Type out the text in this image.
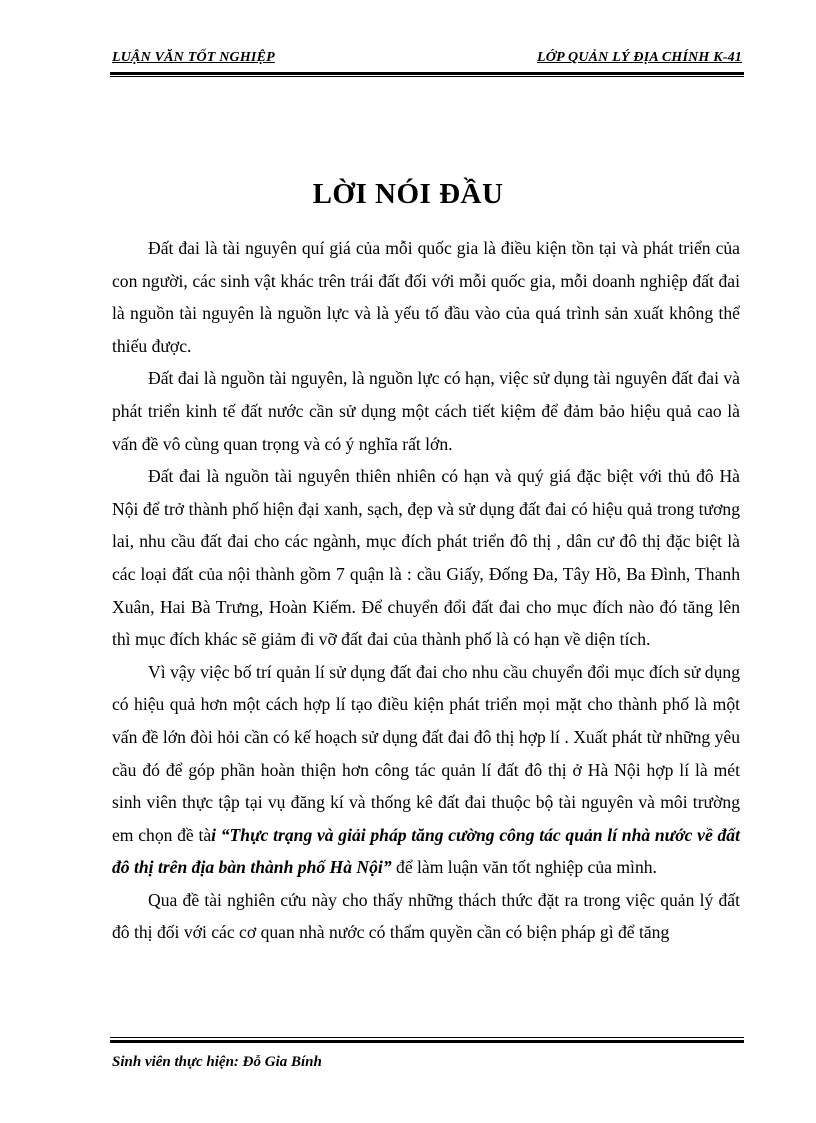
LUẬN VĂN TỐT NGHIỆP	LỚP QUẢN LÝ ĐỊA CHÍNH K-41
LỜI NÓI ĐẦU

Đất đai là tài nguyên quí giá của mỗi quốc gia là điều kiện tồn tại và phát triển của con người, các sinh vật khác trên trái đất đối với mỗi quốc gia, mỗi doanh nghiệp đất đai là nguồn tài nguyên là nguồn lực và là yếu tố đầu vào của quá trình sản xuất không thể thiếu được.

Đất đai là nguồn tài nguyên, là nguồn lực có hạn, việc sử dụng tài nguyên đất đai và phát triển kinh tế đất nước cần sử dụng một cách tiết kiệm để đảm bảo hiệu quả cao là vấn đề vô cùng quan trọng và có ý nghĩa rất lớn.

Đất đai là nguồn tài nguyên thiên nhiên có hạn và quý giá đặc biệt với thủ đô Hà Nội để trở thành phố hiện đại xanh, sạch, đẹp và sử dụng đất đai có hiệu quả trong tương lai, nhu cầu đất đai cho các ngành, mục đích phát triển đô thị , dân cư đô thị đặc biệt là các loại đất của nội thành gồm 7 quận là : cầu Giấy, Đống Đa, Tây Hồ, Ba Đình, Thanh Xuân, Hai Bà Trưng, Hoàn Kiếm. Để chuyển đổi đất đai cho mục đích nào đó tăng lên thì mục đích khác sẽ giảm đi vỡ đất đai của thành phố là có hạn về diện tích.

Vì vậy việc bố trí quản lí sử dụng đất đai cho nhu cầu chuyển đổi mục đích sử dụng có hiệu quả hơn một cách hợp lí tạo điều kiện phát triển mọi mặt cho thành phố là một vấn đề lớn đòi hỏi cần có kế hoạch sử dụng đất đai đô thị hợp lí . Xuất phát từ những yêu cầu đó để góp phần hoàn thiện hơn công tác quản lí đất đô thị ở Hà Nội hợp lí là mét sinh viên thực tập tại vụ đăng kí và thống kê đất đai thuộc bộ tài nguyên và môi trường em chọn đề tài “Thực trạng và giải pháp tăng cường công tác quản lí nhà nước về đất đô thị trên địa bàn thành phố Hà Nội” để làm luận văn tốt nghiệp của mình.

Qua đề tài nghiên cứu này cho thấy những thách thức đặt ra trong việc quản lý đất đô thị đối với các cơ quan nhà nước có thẩm quyền cần có biện pháp gì để tăng

Sinh viên thực hiện: Đỗ Gia Bính
